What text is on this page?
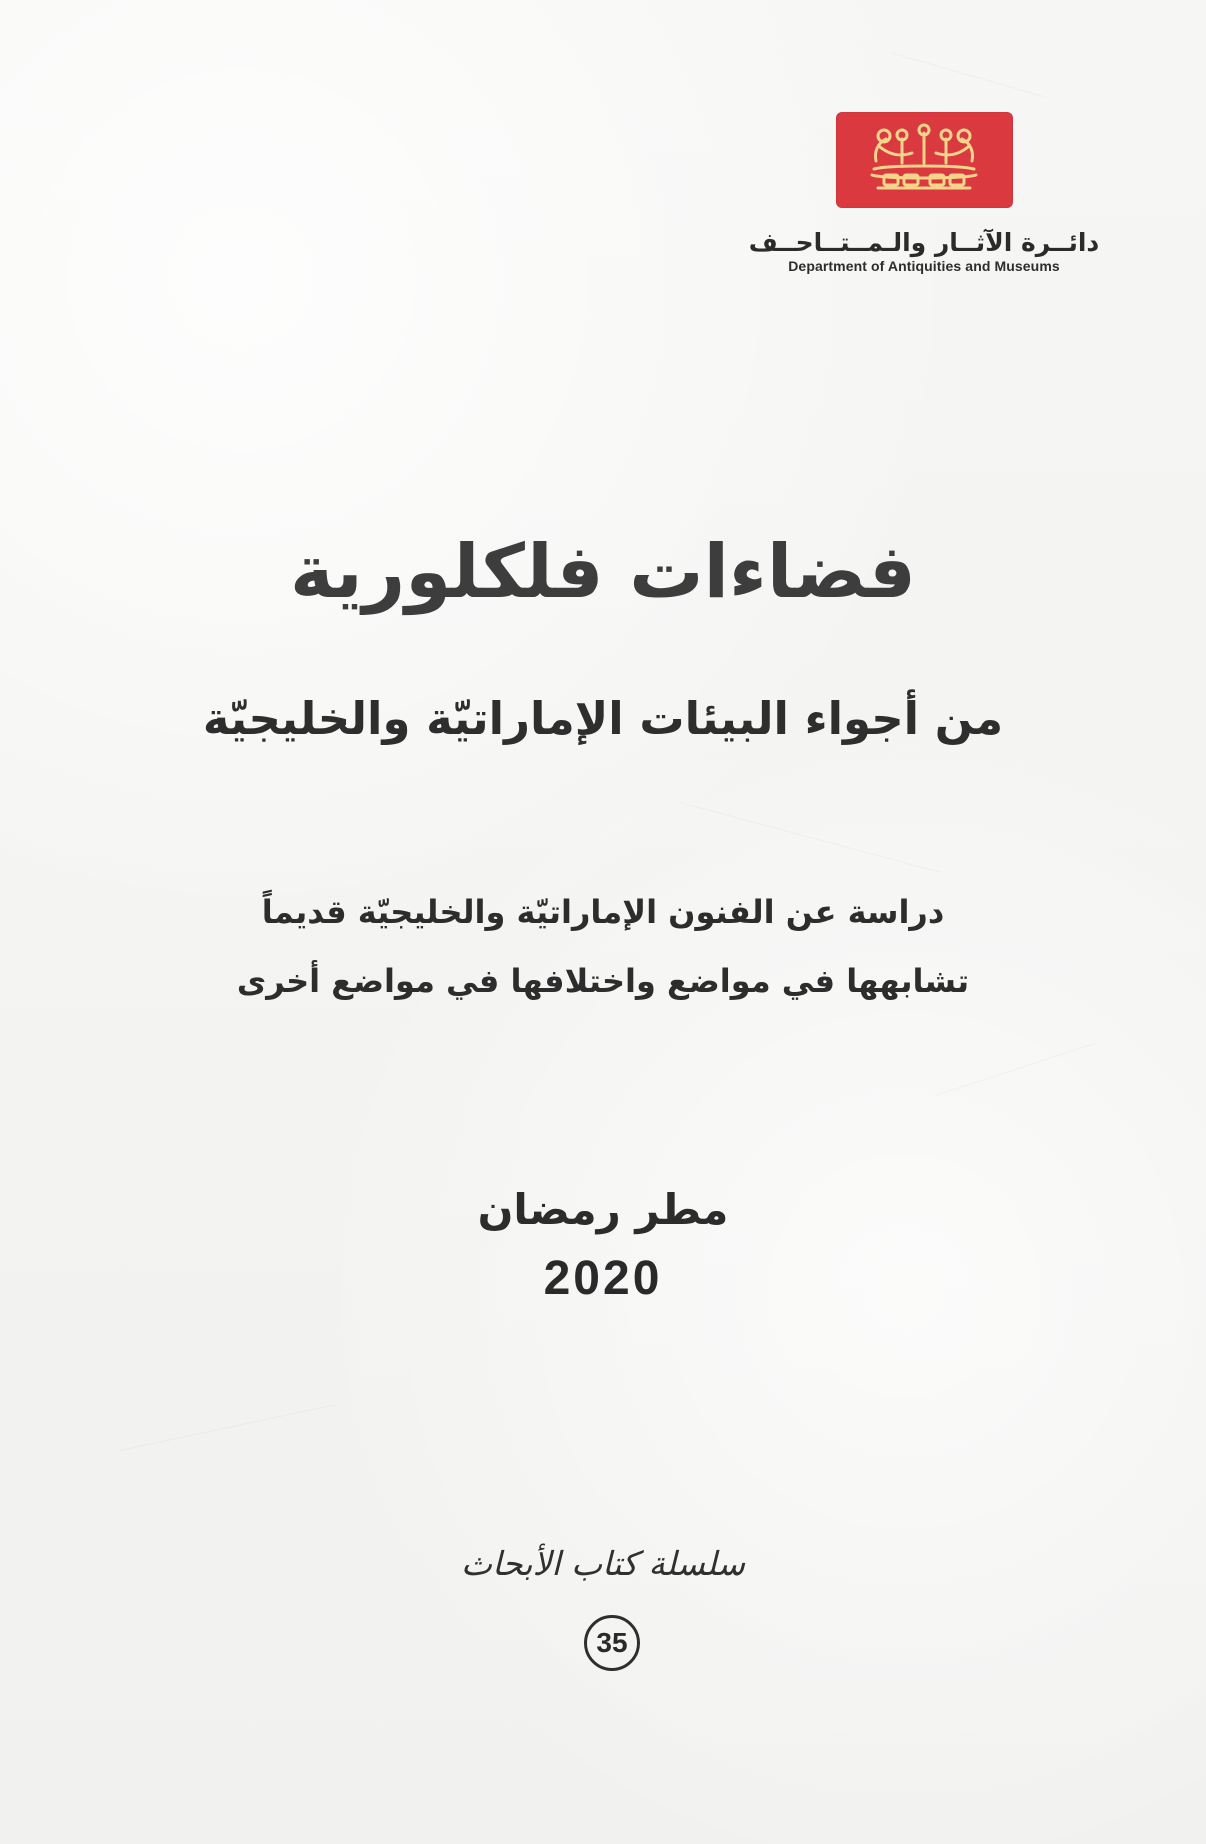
دائــرة الآثــار والـمــتــاحــف
Department of Antiquities and Museums
فضاءات فلكلورية
من أجواء البيئات الإماراتيّة والخليجيّة
دراسة عن الفنون الإماراتيّة والخليجيّة قديماً
تشابهها في مواضع واختلافها في مواضع أخرى
مطر رمضان
2020
سلسلة كتاب الأبحاث
35
